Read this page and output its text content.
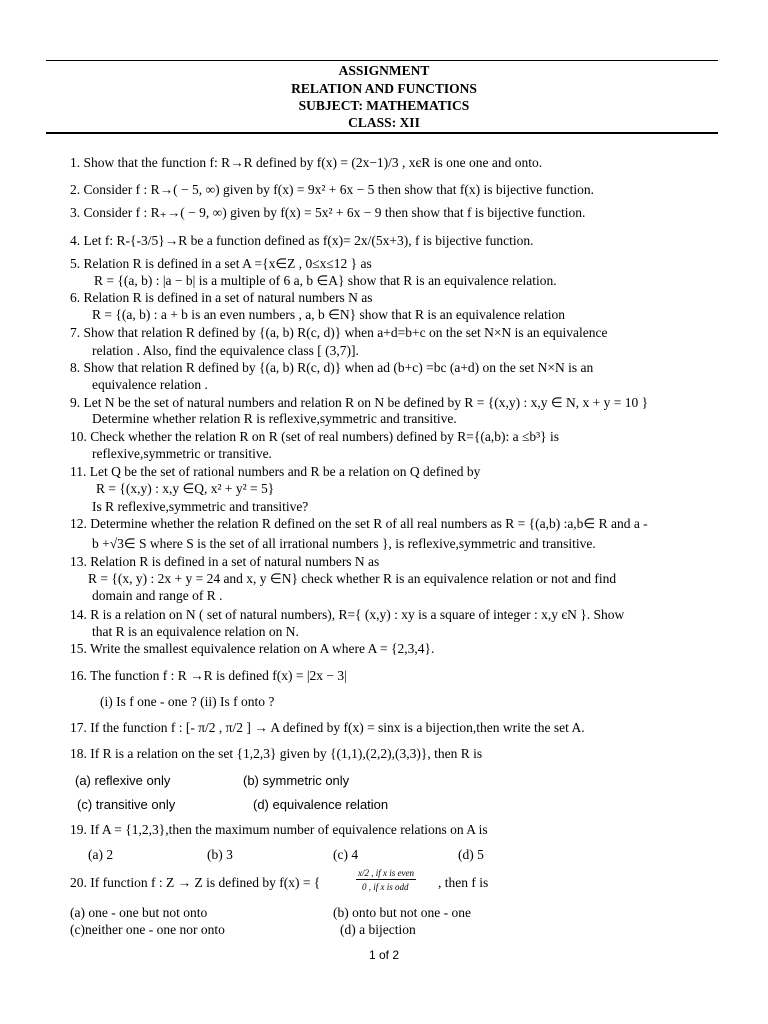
ASSIGNMENT
RELATION AND FUNCTIONS
SUBJECT: MATHEMATICS
CLASS: XII
1. Show that the function f: R→R defined by f(x) = (2x−1)/3 , xєR is one one and onto.
2. Consider f : R→( − 5, ∞) given by f(x) = 9x² + 6x − 5 then show that f(x) is bijective function.
3. Consider f : R₊→( − 9, ∞) given by f(x) = 5x² + 6x − 9 then show that f is bijective function.
4. Let f: R-{-3/5}→R be a function defined as f(x)= 2x/(5x+3), f is bijective function.
5. Relation R is defined in a set A ={x∈Z , 0≤x≤12 } as
R = {(a, b) : |a − b| is a multiple of 6 a, b ∈A} show that R is an equivalence relation.
6. Relation R is defined in a set of natural numbers N as
R = {(a, b) : a + b is an even numbers , a, b ∈N} show that R is an equivalence relation
7. Show that relation R defined by {(a, b) R(c, d)} when a+d=b+c on the set N×N is an equivalence
relation . Also, find the equivalence class [ (3,7)].
8. Show that relation R defined by {(a, b) R(c, d)} when ad (b+c) =bc (a+d) on the set N×N is an
equivalence relation .
9. Let N be the set of natural numbers and relation R on N be defined by R = {(x,y) : x,y ∈ N, x + y = 10 }
Determine whether relation R is reflexive,symmetric and transitive.
10. Check whether the relation R on R (set of real numbers) defined by R={(a,b): a ≤b³} is
reflexive,symmetric or transitive.
11. Let Q be the set of rational numbers and R be a relation on Q defined by
R = {(x,y) : x,y ∈Q, x² + y² = 5}
Is R reflexive,symmetric and transitive?
12. Determine whether the relation R defined on the set R of all real numbers as R = {(a,b) :a,b∈ R and a -
b +√3∈ S where S is the set of all irrational numbers }, is reflexive,symmetric and transitive.
13. Relation R is defined in a set of natural numbers N as
R = {(x, y) : 2x + y = 24 and x, y ∈N} check whether R is an equivalence relation or not and find
domain and range of R .
14. R is a relation on N ( set of natural numbers), R={ (x,y) : xy is a square of integer : x,y єN }. Show
that R is an equivalence relation on N.
15. Write the smallest equivalence relation on A where A = {2,3,4}.
16. The function f : R →R is defined f(x) = |2x − 3|
(i) Is f one - one ? (ii) Is f onto ?
17. If the function f : [- π/2 , π/2 ] → A defined by f(x) = sinx is a bijection,then write the set A.
18. If R is a relation on the set {1,2,3} given by {(1,1),(2,2),(3,3)}, then R is
(a) reflexive only	(b) symmetric only
(c) transitive only	(d) equivalence relation
19. If A = {1,2,3},then the maximum number of equivalence relations on A is
(a) 2	(b) 3	(c) 4	(d) 5
20. If function f : Z → Z is defined by f(x) = {
x/2 , if x is even
0 , if x is odd , then f is
(a) one - one but not onto	(b) onto but not one - one
(c)neither one - one nor onto	(d) a bijection
1 of 2
